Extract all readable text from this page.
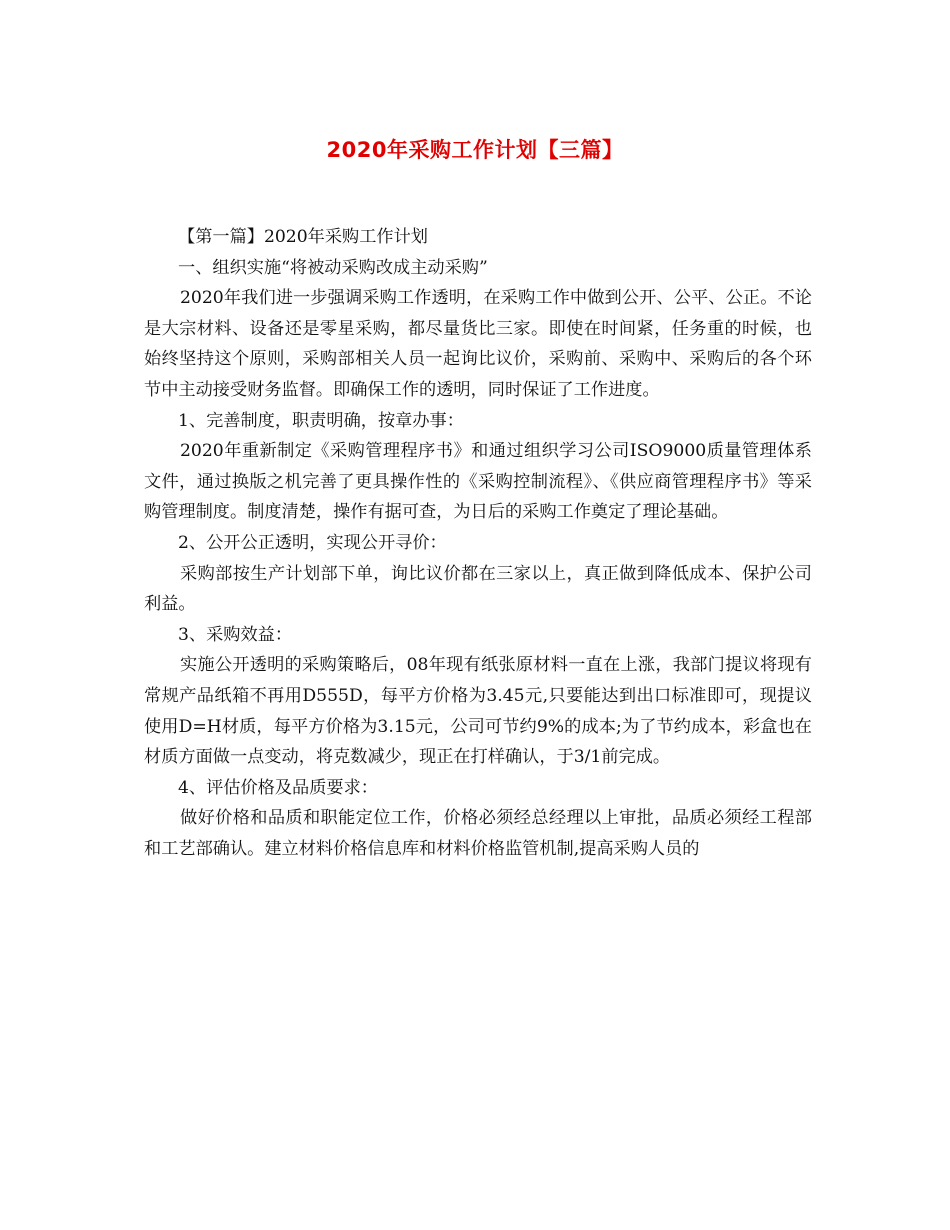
2020年采购工作计划【三篇】

【第一篇】2020年采购工作计划

一、组织实施“将被动采购改成主动采购”

2020年我们进一步强调采购工作透明，在采购工作中做到公开、公平、公正。不论是大宗材料、设备还是零星采购，都尽量货比三家。即使在时间紧，任务重的时候，也始终坚持这个原则，采购部相关人员一起询比议价，采购前、采购中、采购后的各个环节中主动接受财务监督。即确保工作的透明，同时保证了工作进度。

1、完善制度，职责明确，按章办事：

2020年重新制定《采购管理程序书》和通过组织学习公司ISO9000质量管理体系文件，通过换版之机完善了更具操作性的《采购控制流程》、《供应商管理程序书》等采购管理制度。制度清楚，操作有据可查，为日后的采购工作奠定了理论基础。

2、公开公正透明，实现公开寻价：

采购部按生产计划部下单，询比议价都在三家以上，真正做到降低成本、保护公司利益。

3、采购效益：

实施公开透明的采购策略后，08年现有纸张原材料一直在上涨，我部门提议将现有常规产品纸箱不再用D555D，每平方价格为3.45元,只要能达到出口标准即可，现提议使用D=H材质，每平方价格为3.15元，公司可节约9%的成本;为了节约成本，彩盒也在材质方面做一点变动，将克数减少，现正在打样确认，于3/1前完成。

4、评估价格及品质要求：

做好价格和品质和职能定位工作，价格必须经总经理以上审批，品质必须经工程部和工艺部确认。建立材料价格信息库和材料价格监管机制,提高采购人员的
